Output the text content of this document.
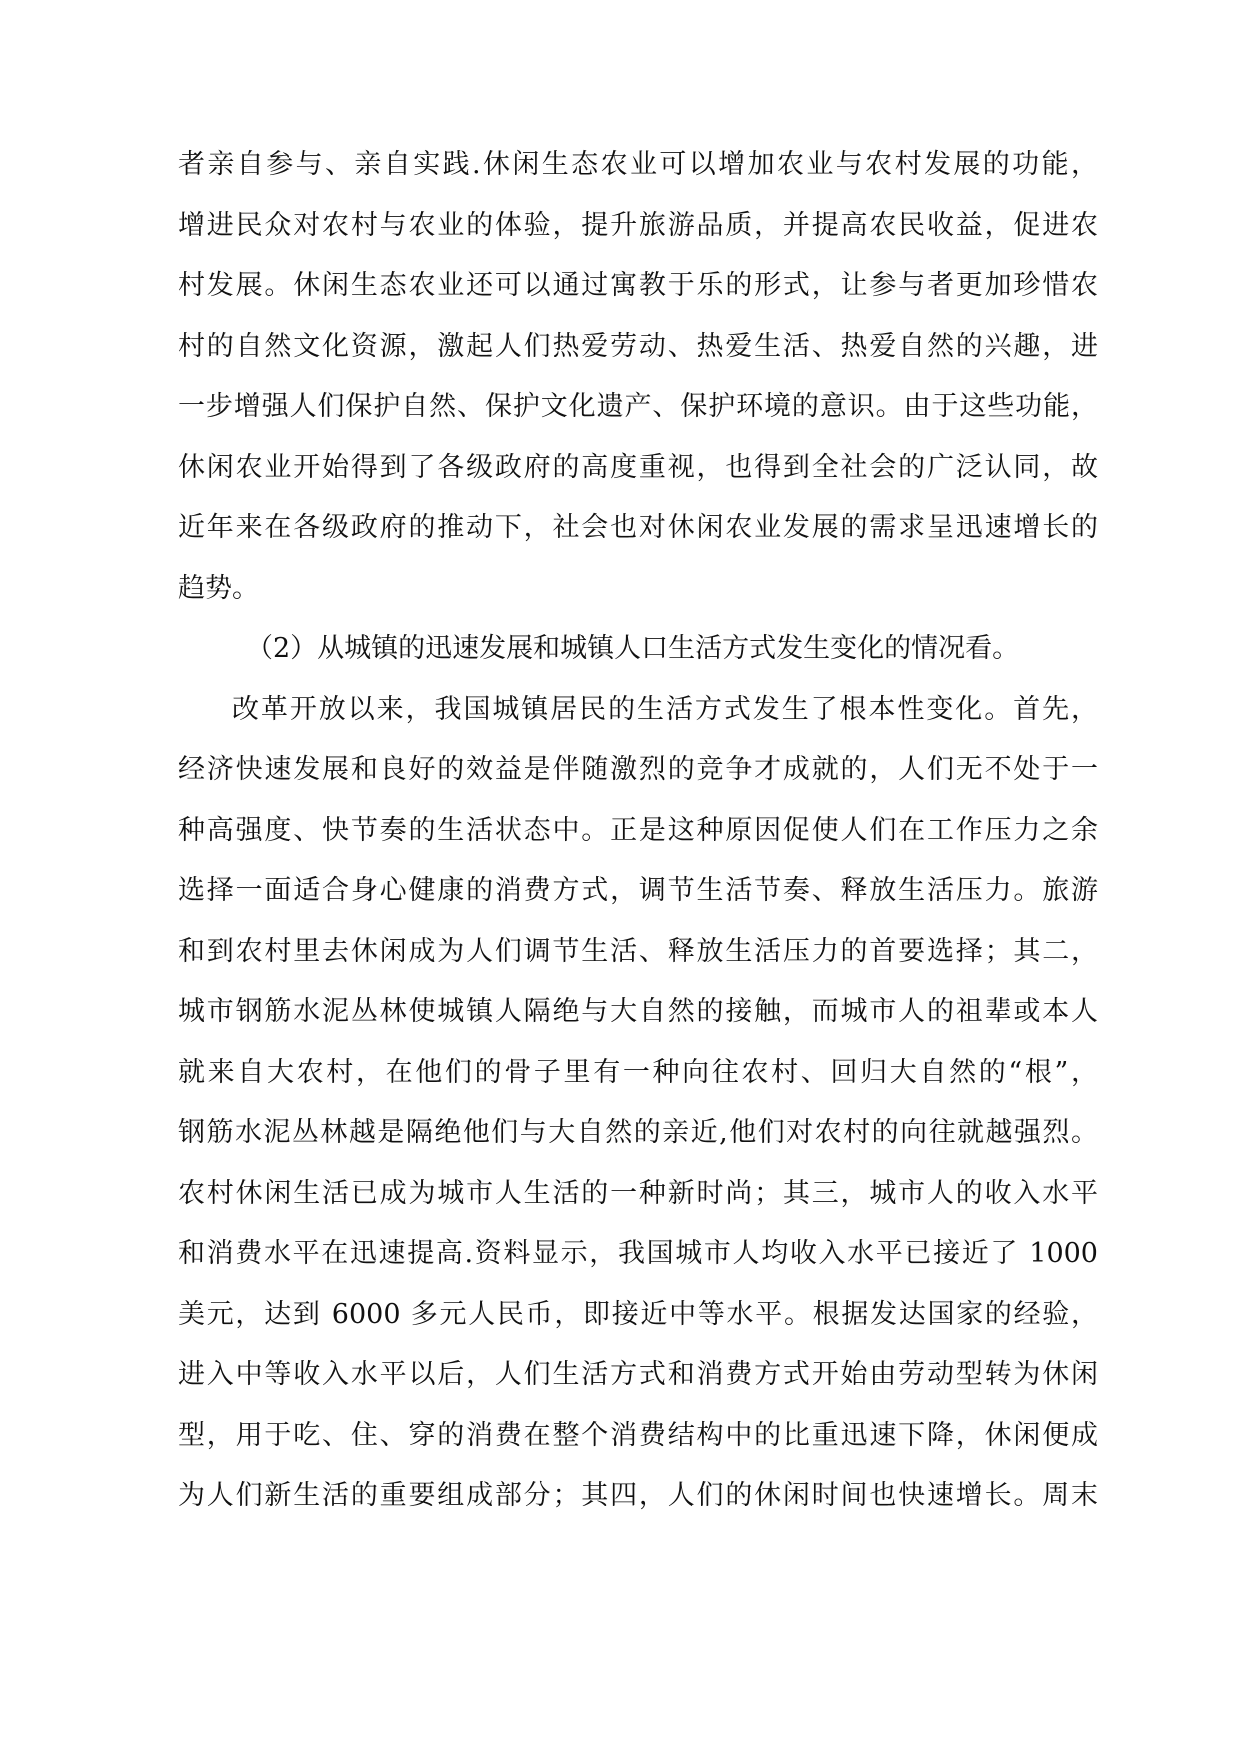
者亲自参与、亲自实践.休闲生态农业可以增加农业与农村发展的功能，
增进民众对农村与农业的体验，提升旅游品质，并提高农民收益，促进农
村发展。休闲生态农业还可以通过寓教于乐的形式，让参与者更加珍惜农
村的自然文化资源，激起人们热爱劳动、热爱生活、热爱自然的兴趣，进
一步增强人们保护自然、保护文化遗产、保护环境的意识。由于这些功能，
休闲农业开始得到了各级政府的高度重视，也得到全社会的广泛认同，故
近年来在各级政府的推动下，社会也对休闲农业发展的需求呈迅速增长的
趋势。
（2）从城镇的迅速发展和城镇人口生活方式发生变化的情况看。
改革开放以来，我国城镇居民的生活方式发生了根本性变化。首先，
经济快速发展和良好的效益是伴随激烈的竞争才成就的，人们无不处于一
种高强度、快节奏的生活状态中。正是这种原因促使人们在工作压力之余
选择一面适合身心健康的消费方式，调节生活节奏、释放生活压力。旅游
和到农村里去休闲成为人们调节生活、释放生活压力的首要选择；其二，
城市钢筋水泥丛林使城镇人隔绝与大自然的接触，而城市人的祖辈或本人
就来自大农村，在他们的骨子里有一种向往农村、回归大自然的“根”，
钢筋水泥丛林越是隔绝他们与大自然的亲近,他们对农村的向往就越强烈。
农村休闲生活已成为城市人生活的一种新时尚；其三，城市人的收入水平
和消费水平在迅速提高.资料显示，我国城市人均收入水平已接近了 1000
美元，达到 6000 多元人民币，即接近中等水平。根据发达国家的经验，
进入中等收入水平以后，人们生活方式和消费方式开始由劳动型转为休闲
型，用于吃、住、穿的消费在整个消费结构中的比重迅速下降，休闲便成
为人们新生活的重要组成部分；其四，人们的休闲时间也快速增长。周末
